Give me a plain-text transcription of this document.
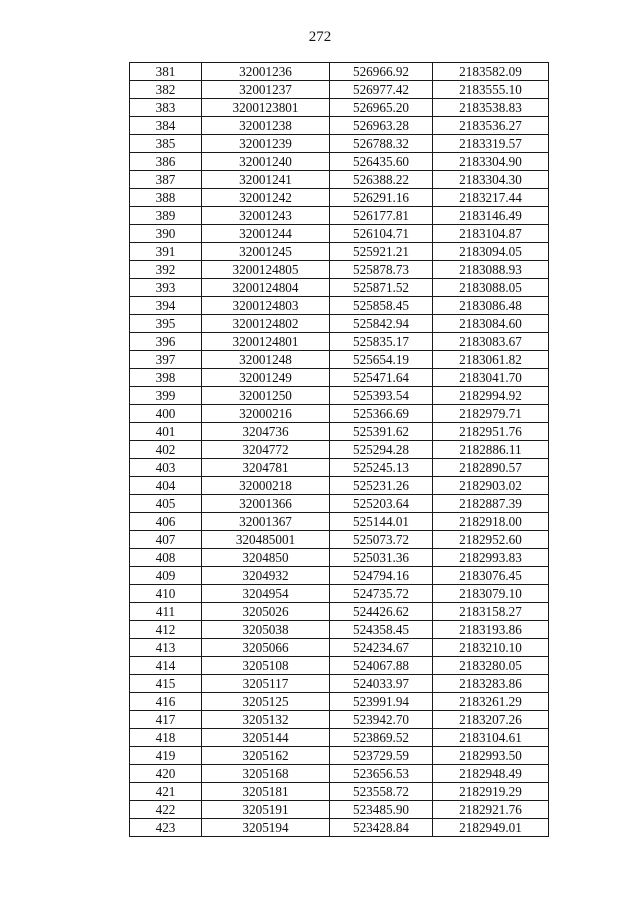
272
381	32001236	526966.92	2183582.09
382	32001237	526977.42	2183555.10
383	3200123801	526965.20	2183538.83
384	32001238	526963.28	2183536.27
385	32001239	526788.32	2183319.57
386	32001240	526435.60	2183304.90
387	32001241	526388.22	2183304.30
388	32001242	526291.16	2183217.44
389	32001243	526177.81	2183146.49
390	32001244	526104.71	2183104.87
391	32001245	525921.21	2183094.05
392	3200124805	525878.73	2183088.93
393	3200124804	525871.52	2183088.05
394	3200124803	525858.45	2183086.48
395	3200124802	525842.94	2183084.60
396	3200124801	525835.17	2183083.67
397	32001248	525654.19	2183061.82
398	32001249	525471.64	2183041.70
399	32001250	525393.54	2182994.92
400	32000216	525366.69	2182979.71
401	3204736	525391.62	2182951.76
402	3204772	525294.28	2182886.11
403	3204781	525245.13	2182890.57
404	32000218	525231.26	2182903.02
405	32001366	525203.64	2182887.39
406	32001367	525144.01	2182918.00
407	320485001	525073.72	2182952.60
408	3204850	525031.36	2182993.83
409	3204932	524794.16	2183076.45
410	3204954	524735.72	2183079.10
411	3205026	524426.62	2183158.27
412	3205038	524358.45	2183193.86
413	3205066	524234.67	2183210.10
414	3205108	524067.88	2183280.05
415	3205117	524033.97	2183283.86
416	3205125	523991.94	2183261.29
417	3205132	523942.70	2183207.26
418	3205144	523869.52	2183104.61
419	3205162	523729.59	2182993.50
420	3205168	523656.53	2182948.49
421	3205181	523558.72	2182919.29
422	3205191	523485.90	2182921.76
423	3205194	523428.84	2182949.01
